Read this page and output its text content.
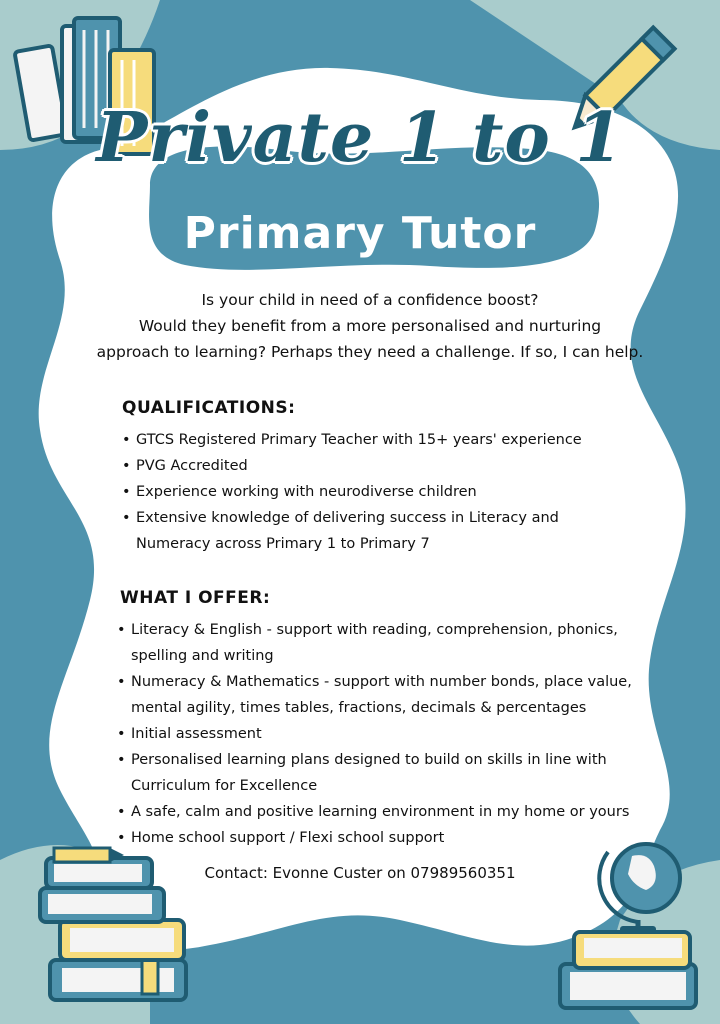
Private 1 to 1
Primary Tutor
Is your child in need of a confidence boost?
Would they benefit from a more personalised and nurturing
approach to learning? Perhaps they need a challenge. If so, I can help.
QUALIFICATIONS:
• GTCS Registered Primary Teacher with 15+ years' experience
• PVG Accredited
• Experience working with neurodiverse children
• Extensive knowledge of delivering success in Literacy and Numeracy across Primary 1 to Primary 7
WHAT I OFFER:
• Literacy & English - support with reading, comprehension, phonics, spelling and writing
• Numeracy & Mathematics - support with number bonds, place value, mental agility, times tables, fractions, decimals & percentages
• Initial assessment
• Personalised learning plans designed to build on skills in line with Curriculum for Excellence
• A safe, calm and positive learning environment in my home or yours
• Home school support / Flexi school support
Contact: Evonne Custer on 07989560351
